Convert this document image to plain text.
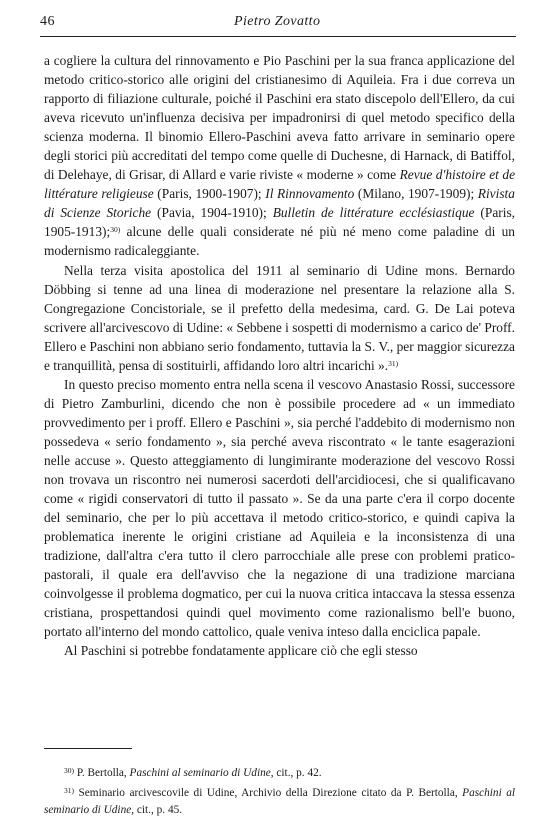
46	Pietro Zovatto

a cogliere la cultura del rinnovamento e Pio Paschini per la sua franca applicazione del metodo critico-storico alle origini del cristianesimo di Aquileia. Fra i due correva un rapporto di filiazione culturale, poiché il Paschini era stato discepolo dell'Ellero, da cui aveva ricevuto un'influenza decisiva per impadronirsi di quel metodo specifico della scienza moderna. Il binomio Ellero-Paschini aveva fatto arrivare in seminario opere degli storici più accreditati del tempo come quelle di Duchesne, di Harnack, di Batiffol, di Delehaye, di Grisar, di Allard e varie riviste « moderne » come Revue d'histoire et de littérature religieuse (Paris, 1900-1907); Il Rinnovamento (Milano, 1907-1909); Rivista di Scienze Storiche (Pavia, 1904-1910); Bulletin de littérature ecclésiastique (Paris, 1905-1913);$^{30)}$ alcune delle quali considerate né più né meno come paladine di un modernismo radicaleggiante.

Nella terza visita apostolica del 1911 al seminario di Udine mons. Bernardo Döbbing si tenne ad una linea di moderazione nel presentare la relazione alla S. Congregazione Concistoriale, se il prefetto della medesima, card. G. De Lai poteva scrivere all'arcivescovo di Udine: « Sebbene i sospetti di modernismo a carico de' Proff. Ellero e Paschini non abbiano serio fondamento, tuttavia la S. V., per maggior sicurezza e tranquillità, pensa di sostituirli, affidando loro altri incarichi ».$^{31)}$

In questo preciso momento entra nella scena il vescovo Anastasio Rossi, successore di Pietro Zamburlini, dicendo che non è possibile procedere ad « un immediato provvedimento per i proff. Ellero e Paschini », sia perché l'addebito di modernismo non possedeva « serio fondamento », sia perché aveva riscontrato « le tante esagerazioni nelle accuse ». Questo atteggiamento di lungimirante moderazione del vescovo Rossi non trovava un riscontro nei numerosi sacerdoti dell'arcidiocesi, che si qualificavano come « rigidi conservatori di tutto il passato ». Se da una parte c'era il corpo docente del seminario, che per lo più accettava il metodo critico-storico, e quindi capiva la problematica inerente le origini cristiane ad Aquileia e la inconsistenza di una tradizione, dall'altra c'era tutto il clero parrocchiale alle prese con problemi pratico-pastorali, il quale era dell'avviso che la negazione di una tradizione marciana coinvolgesse il problema dogmatico, per cui la nuova critica intaccava la stessa essenza cristiana, prospettandosi quindi quel movimento come razionalismo bell'e buono, portato all'interno del mondo cattolico, quale veniva inteso dalla enciclica papale.

Al Paschini si potrebbe fondatamente applicare ciò che egli stesso

$^{30)}$ P. Bertolla, Paschini al seminario di Udine, cit., p. 42.

$^{31)}$ Seminario arcivescovile di Udine, Archivio della Direzione citato da P. Bertolla, Paschini al seminario di Udine, cit., p. 45.
